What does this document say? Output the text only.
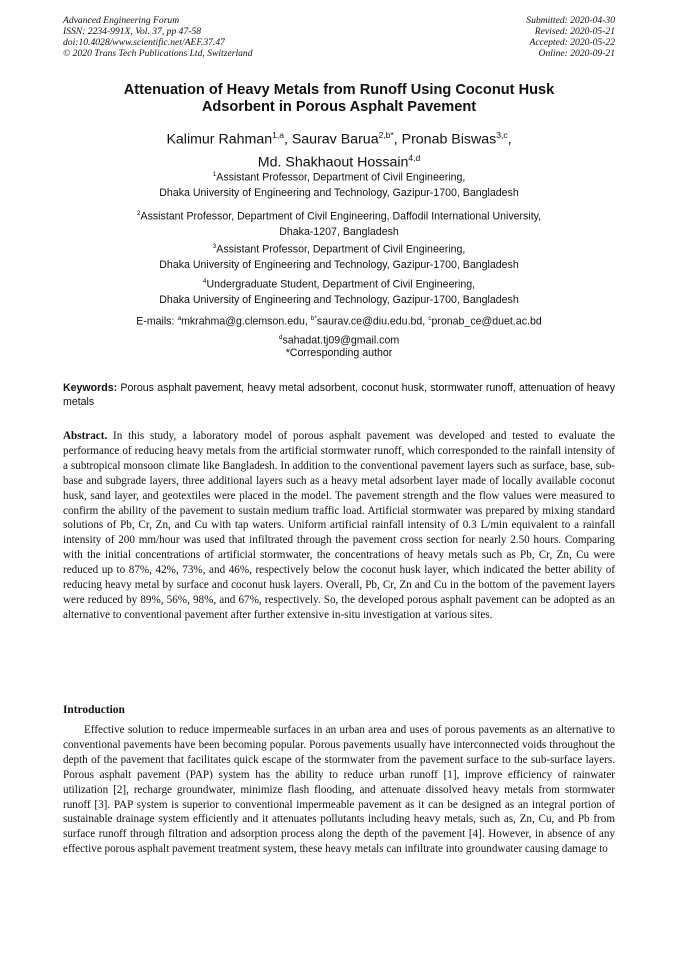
Advanced Engineering Forum
ISSN: 2234-991X, Vol. 37, pp 47-58
doi:10.4028/www.scientific.net/AEF.37.47
© 2020 Trans Tech Publications Ltd, Switzerland
Submitted: 2020-04-30
Revised: 2020-05-21
Accepted: 2020-05-22
Online: 2020-09-21
Attenuation of Heavy Metals from Runoff Using Coconut Husk
Adsorbent in Porous Asphalt Pavement
Kalimur Rahman$^{1,a}$, Saurav Barua$^{2,b*}$, Pronab Biswas$^{3,c}$,
Md. Shakhaout Hossain$^{4,d}$
$^1$Assistant Professor, Department of Civil Engineering,
Dhaka University of Engineering and Technology, Gazipur-1700, Bangladesh
$^2$Assistant Professor, Department of Civil Engineering, Daffodil International University,
Dhaka-1207, Bangladesh
$^3$Assistant Professor, Department of Civil Engineering,
Dhaka University of Engineering and Technology, Gazipur-1700, Bangladesh
$^4$Undergraduate Student, Department of Civil Engineering,
Dhaka University of Engineering and Technology, Gazipur-1700, Bangladesh
E-mails: $^a$mkrahma@g.clemson.edu, $^{b*}$saurav.ce@diu.edu.bd, $^c$pronab_ce@duet.ac.bd
$^d$sahadat.tj09@gmail.com
*Corresponding author
Keywords: Porous asphalt pavement, heavy metal adsorbent, coconut husk, stormwater runoff, attenuation of heavy metals
Abstract. In this study, a laboratory model of porous asphalt pavement was developed and tested to evaluate the performance of reducing heavy metals from the artificial stormwater runoff, which corresponded to the rainfall intensity of a subtropical monsoon climate like Bangladesh. In addition to the conventional pavement layers such as surface, base, sub-base and subgrade layers, three additional layers such as a heavy metal adsorbent layer made of locally available coconut husk, sand layer, and geotextiles were placed in the model. The pavement strength and the flow values were measured to confirm the ability of the pavement to sustain medium traffic load. Artificial stormwater was prepared by mixing standard solutions of Pb, Cr, Zn, and Cu with tap waters. Uniform artificial rainfall intensity of 0.3 L/min equivalent to a rainfall intensity of 200 mm/hour was used that infiltrated through the pavement cross section for nearly 2.50 hours. Comparing with the initial concentrations of artificial stormwater, the concentrations of heavy metals such as Pb, Cr, Zn, Cu were reduced up to 87%, 42%, 73%, and 46%, respectively below the coconut husk layer, which indicated the better ability of reducing heavy metal by surface and coconut husk layers. Overall, Pb, Cr, Zn and Cu in the bottom of the pavement layers were reduced by 89%, 56%, 98%, and 67%, respectively. So, the developed porous asphalt pavement can be adopted as an alternative to conventional pavement after further extensive in-situ investigation at various sites.
Introduction
Effective solution to reduce impermeable surfaces in an urban area and uses of porous pavements as an alternative to conventional pavements have been becoming popular. Porous pavements usually have interconnected voids throughout the depth of the pavement that facilitates quick escape of the stormwater from the pavement surface to the sub-surface layers. Porous asphalt pavement (PAP) system has the ability to reduce urban runoff [1], improve efficiency of rainwater utilization [2], recharge groundwater, minimize flash flooding, and attenuate dissolved heavy metals from stormwater runoff [3]. PAP system is superior to conventional impermeable pavement as it can be designed as an integral portion of sustainable drainage system efficiently and it attenuates pollutants including heavy metals, such as, Zn, Cu, and Pb from surface runoff through filtration and adsorption process along the depth of the pavement [4]. However, in absence of any effective porous asphalt pavement treatment system, these heavy metals can infiltrate into groundwater causing damage to
